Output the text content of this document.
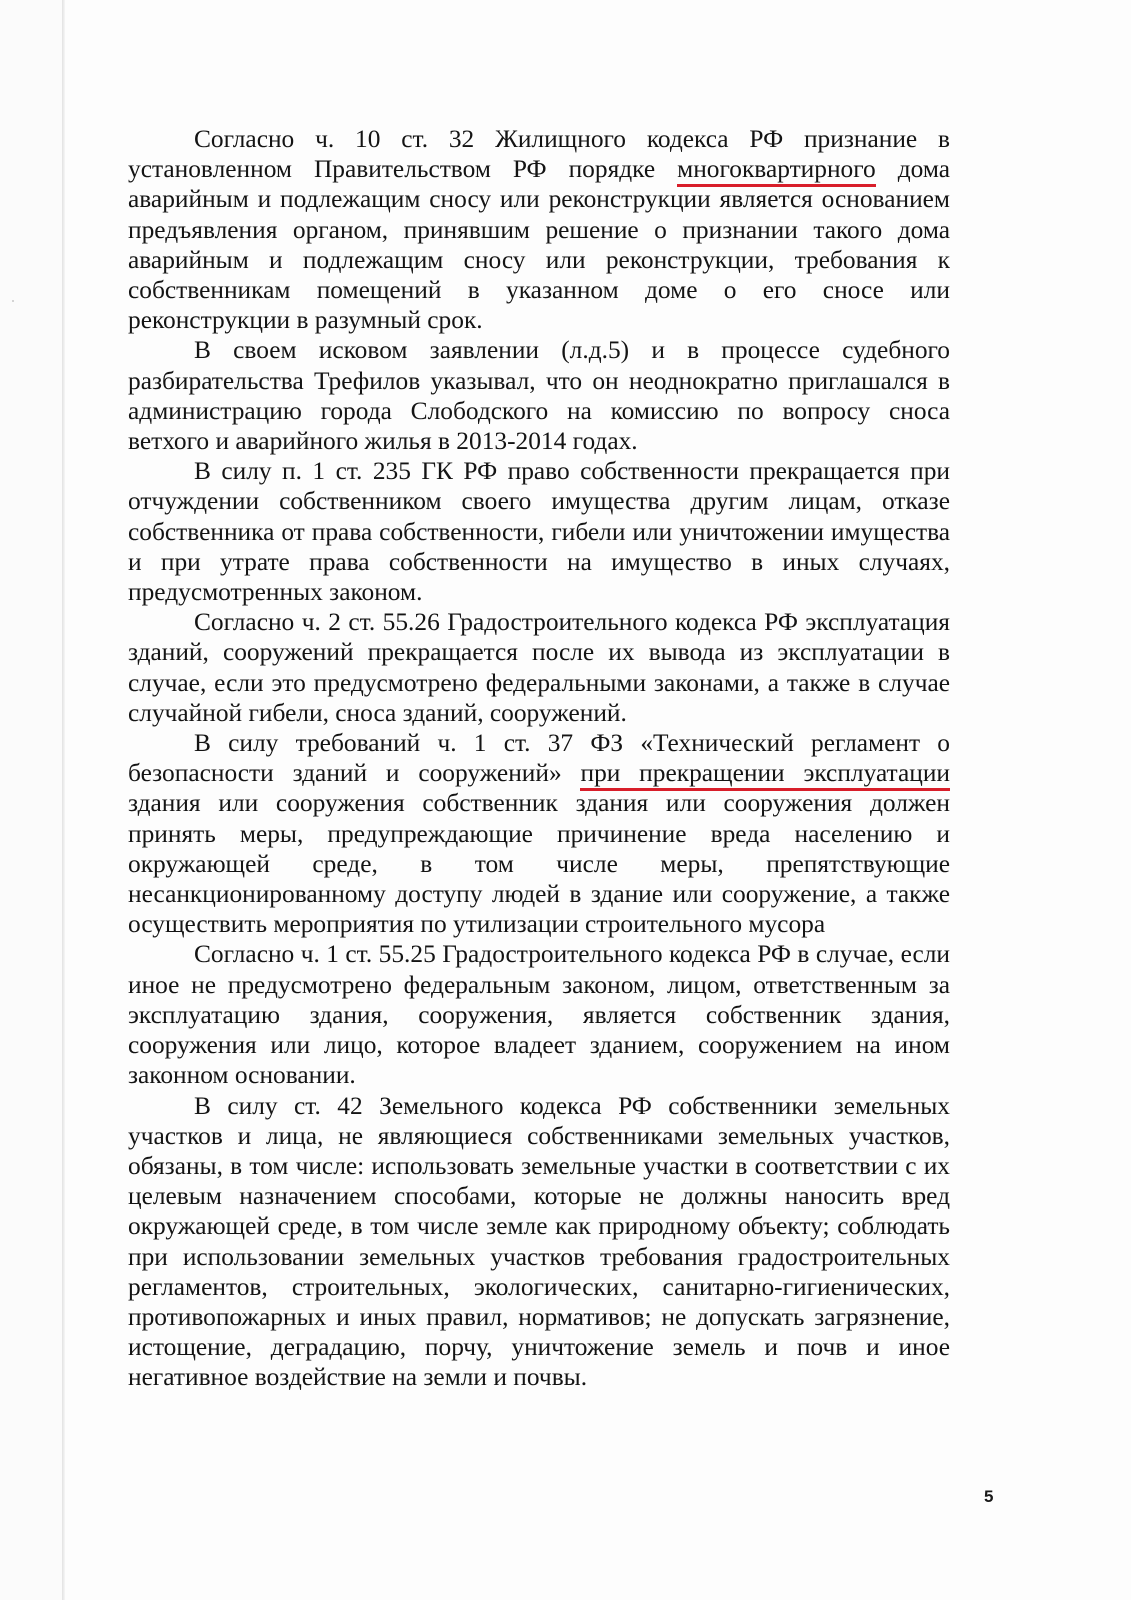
Согласно ч. 10 ст. 32 Жилищного кодекса РФ признание в установленном Правительством РФ порядке многоквартирного дома аварийным и подлежащим сносу или реконструкции является основанием предъявления органом, принявшим решение о признании такого дома аварийным и подлежащим сносу или реконструкции, требования к собственникам помещений в указанном доме о его сносе или реконструкции в разумный срок.

В своем исковом заявлении (л.д.5) и в процессе судебного разбирательства Трефилов указывал, что он неоднократно приглашался в администрацию города Слободского на комиссию по вопросу сноса ветхого и аварийного жилья в 2013-2014 годах.

В силу п. 1 ст. 235 ГК РФ право собственности прекращается при отчуждении собственником своего имущества другим лицам, отказе собственника от права собственности, гибели или уничтожении имущества и при утрате права собственности на имущество в иных случаях, предусмотренных законом.

Согласно ч. 2 ст. 55.26 Градостроительного кодекса РФ эксплуатация зданий, сооружений прекращается после их вывода из эксплуатации в случае, если это предусмотрено федеральными законами, а также в случае случайной гибели, сноса зданий, сооружений.

В силу требований ч. 1 ст. 37 ФЗ «Технический регламент о безопасности зданий и сооружений» при прекращении эксплуатации здания или сооружения собственник здания или сооружения должен принять меры, предупреждающие причинение вреда населению и окружающей среде, в том числе меры, препятствующие несанкционированному доступу людей в здание или сооружение, а также осуществить мероприятия по утилизации строительного мусора

Согласно ч. 1 ст. 55.25 Градостроительного кодекса РФ в случае, если иное не предусмотрено федеральным законом, лицом, ответственным за эксплуатацию здания, сооружения, является собственник здания, сооружения или лицо, которое владеет зданием, сооружением на ином законном основании.

В силу ст. 42 Земельного кодекса РФ собственники земельных участков и лица, не являющиеся собственниками земельных участков, обязаны, в том числе: использовать земельные участки в соответствии с их целевым назначением способами, которые не должны наносить вред окружающей среде, в том числе земле как природному объекту; соблюдать при использовании земельных участков требования градостроительных регламентов, строительных, экологических, санитарно-гигиенических, противопожарных и иных правил, нормативов; не допускать загрязнение, истощение, деградацию, порчу, уничтожение земель и почв и иное негативное воздействие на земли и почвы.

5
